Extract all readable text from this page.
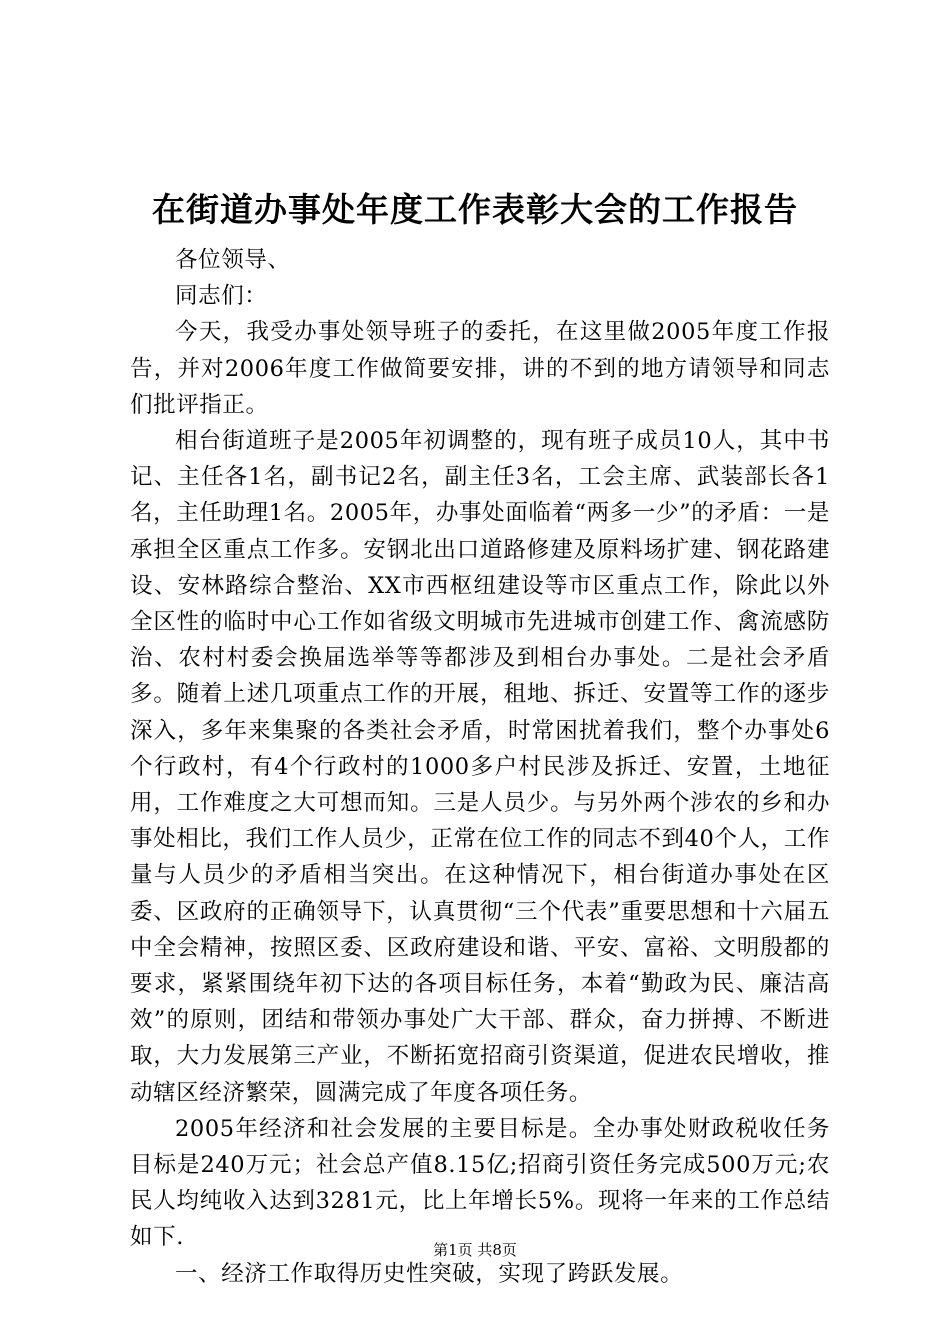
在街道办事处年度工作表彰大会的工作报告

各位领导、

同志们：

今天，我受办事处领导班子的委托，在这里做2005年度工作报告，并对2006年度工作做简要安排，讲的不到的地方请领导和同志们批评指正。

相台街道班子是2005年初调整的，现有班子成员10人，其中书记、主任各1名，副书记2名，副主任3名，工会主席、武装部长各1名，主任助理1名。2005年，办事处面临着“两多一少”的矛盾：一是承担全区重点工作多。安钢北出口道路修建及原料场扩建、钢花路建设、安林路综合整治、XX市西枢纽建设等市区重点工作，除此以外全区性的临时中心工作如省级文明城市先进城市创建工作、禽流感防治、农村村委会换届选举等等都涉及到相台办事处。二是社会矛盾多。随着上述几项重点工作的开展，租地、拆迁、安置等工作的逐步深入，多年来集聚的各类社会矛盾，时常困扰着我们，整个办事处6个行政村，有4个行政村的1000多户村民涉及拆迁、安置，土地征用，工作难度之大可想而知。三是人员少。与另外两个涉农的乡和办事处相比，我们工作人员少，正常在位工作的同志不到40个人，工作量与人员少的矛盾相当突出。在这种情况下，相台街道办事处在区委、区政府的正确领导下，认真贯彻“三个代表”重要思想和十六届五中全会精神，按照区委、区政府建设和谐、平安、富裕、文明殷都的要求，紧紧围绕年初下达的各项目标任务，本着“勤政为民、廉洁高效”的原则，团结和带领办事处广大干部、群众，奋力拼搏、不断进取，大力发展第三产业，不断拓宽招商引资渠道，促进农民增收，推动辖区经济繁荣，圆满完成了年度各项任务。

2005年经济和社会发展的主要目标是。全办事处财政税收任务目标是240万元；社会总产值8.15亿;招商引资任务完成500万元;农民人均纯收入达到3281元，比上年增长5%。现将一年来的工作总结如下.

一、经济工作取得历史性突破，实现了跨跃发展。

第1页 共8页
